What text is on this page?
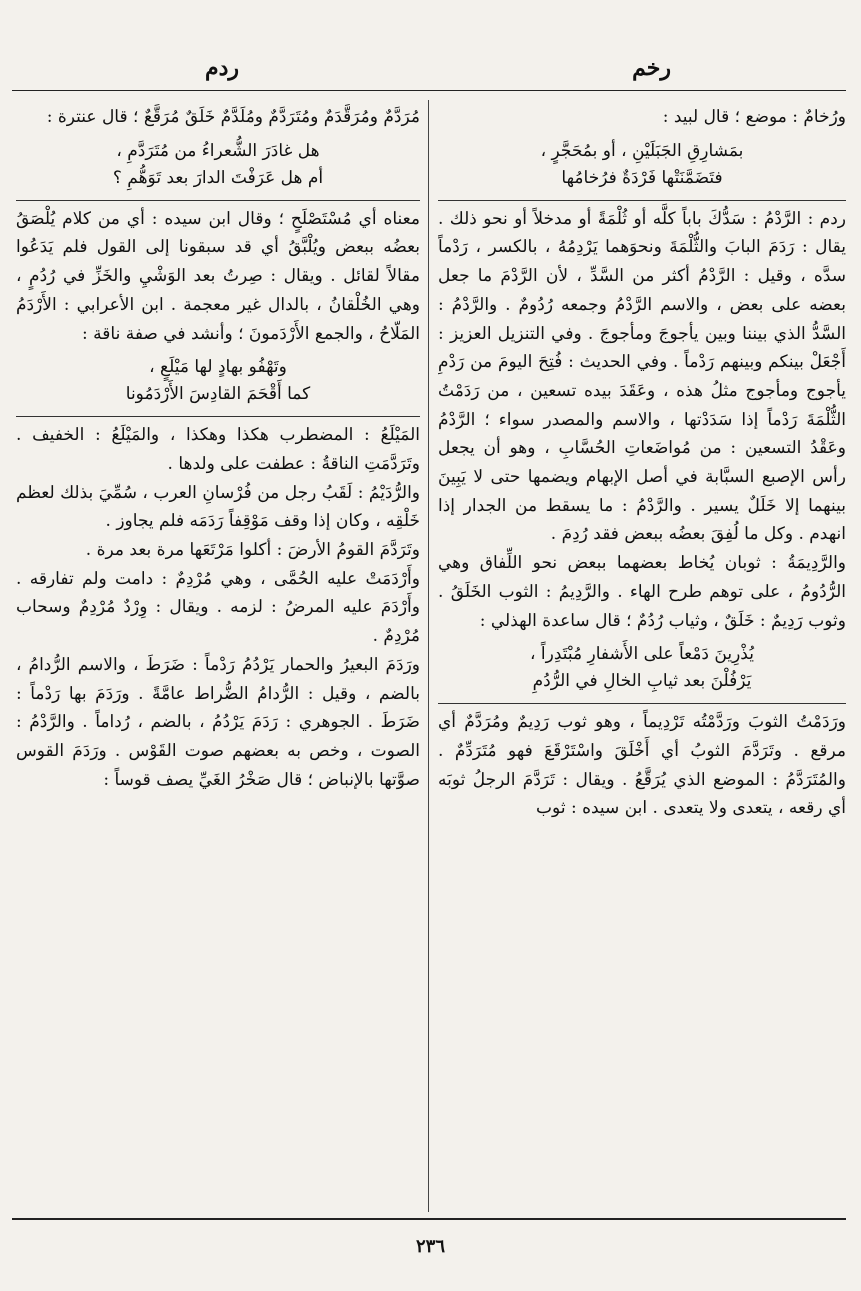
رخم
ردم

ورُخامٌ : موضع ؛ قال لبيد :

بمَشارِقِ الجَبَلَيْنِ ، أو بمُحَجَّرٍ ،
فتَضَمَّنَتْها فَرْدَةٌ فرُخامُها

ردم : الرَّدْمُ : سَدُّكَ باباً كلَّه أو ثُلْمَةً أو مدخلاً أو نحو ذلك . يقال : رَدَمَ البابَ والثُّلْمَةَ ونحوَهما يَرْدِمُهُ ، بالكسر ، رَدْماً سدَّه ، وقيل : الرَّدْمُ أكثر من السَّدِّ ، لأن الرَّدْمَ ما جعل بعضه على بعض ، والاسم الرَّدْمُ وجمعه رُدُومٌ . والرَّدْمُ : السَّدُّ الذي بيننا وبين يأجوجَ ومأجوجَ . وفي التنزيل العزيز : أَجْعَلْ بينكم وبينهم رَدْماً . وفي الحديث : فُتِحَ اليومَ من رَدْمِ يأجوج ومأجوج مثلُ هذه ، وعَقَدَ بيده تسعين ، من رَدَمْتُ الثُّلْمَةَ رَدْماً إذا سَدَدْتها ، والاسم والمصدر سواء ؛ الرَّدْمُ وعَقْدُ التسعين : من مُواضَعاتِ الحُسَّابِ ، وهو أن يجعل رأس الإصبع السبَّابة في أصل الإبهام ويضمها حتى لا يَبِينَ بينهما إلا خَلَلٌ يسير . والرَّدْمُ : ما يسقط من الجدار إذا انهدم . وكل ما لُفِقَ بعضُه ببعض فقد رُدِمَ .

والرَّدِيمَةُ : ثوبان يُخاط بعضهما ببعض نحو اللِّفاق وهي الرُّدُومُ ، على توهم طرح الهاء . والرَّدِيمُ : الثوب الخَلَقُ . وثوب رَدِيمٌ : خَلَقٌ ، وثياب رُدُمٌ ؛ قال ساعدة الهذلي :

يُذْرِينَ دَمْعاً على الأَشفارِ مُبْتَدِراً ،
يَرْفُلْنَ بعد ثيابِ الخالِ في الرُّدُمِ

ورَدَمْتُ الثوبَ ورَدَّمْتُه تَرْدِيماً ، وهو ثوب رَدِيمٌ ومُرَدَّمٌ أي مرقع . وتَرَدَّمَ الثوبُ أي أَخْلَقَ واسْتَرْقَعَ فهو مُتَرَدِّمٌ . والمُتَرَدَّمُ : الموضع الذي يُرَقَّعُ . ويقال : تَرَدَّمَ الرجلُ ثوبَه أي رقعه ، يتعدى ولا يتعدى . ابن سيده : ثوب

مُرَدَّمٌ ومُرَقَّدَمٌ ومُتَرَدَّمٌ ومُلَدَّمٌ خَلَقٌ مُرَقَّعٌ ؛ قال عنترة :

هل غادَرَ الشُّعراءُ من مُتَرَدَّمِ ،
أم هل عَرَفْتَ الدارَ بعد تَوَهُّمِ ؟

معناه أي مُسْتَصْلَحٍ ؛ وقال ابن سيده : أي من كلام يُلْصَقُ بعضُه ببعض ويُلْبَّقُ أي قد سبقونا إلى القول فلم يَدَعُوا مقالاً لقائل . ويقال : صِرتُ بعد الوَشْيِ والخَزِّ في رُدُمٍ ، وهي الخُلْقانُ ، بالدال غير معجمة . ابن الأعرابي : الأَرْدَمُ المَلّاحُ ، والجمع الأَرْدَمونَ ؛ وأنشد في صفة ناقة :

وتَهْفُو بهادٍ لها مَيْلَعٍ ،
كما أَقْحَمَ القادِسَ الأَرْدَمُونا

المَيْلَعُ : المضطرب هكذا وهكذا ، والمَيْلَعُ : الخفيف . وتَرَدَّمَتِ الناقةُ : عطفت على ولدها .

والرُّدَيْمُ : لَقَبُ رجل من فُرْسانِ العرب ، سُمِّيَ بذلك لعظم خَلْقِه ، وكان إذا وقف مَوْقِفاً رَدَمَه فلم يجاوز .

وتَرَدَّمَ القومُ الأرضَ : أكلوا مَرْتَعَها مرة بعد مرة .

وأَرْدَمَتْ عليه الحُمَّى ، وهي مُرْدِمٌ : دامت ولم تفارقه . وأَرْدَمَ عليه المرضُ : لزمه . ويقال : وِرْدٌ مُرْدِمٌ وسحاب مُرْدِمٌ .

ورَدَمَ البعيرُ والحمار يَرْدُمُ رَدْماً : ضَرَطَ ، والاسم الرُّدامُ ، بالضم ، وقيل : الرُّدامُ الضُّراط عامَّةً . ورَدَمَ بها رَدْماً : ضَرَطَ . الجوهري : رَدَمَ يَرْدُمُ ، بالضم ، رُداماً . والرَّدْمُ : الصوت ، وخص به بعضهم صوت القَوْس . ورَدَمَ القوس صوَّتها بالإنباض ؛ قال صَخْرُ الغَيِّ يصف قوساً :

٢٣٦
